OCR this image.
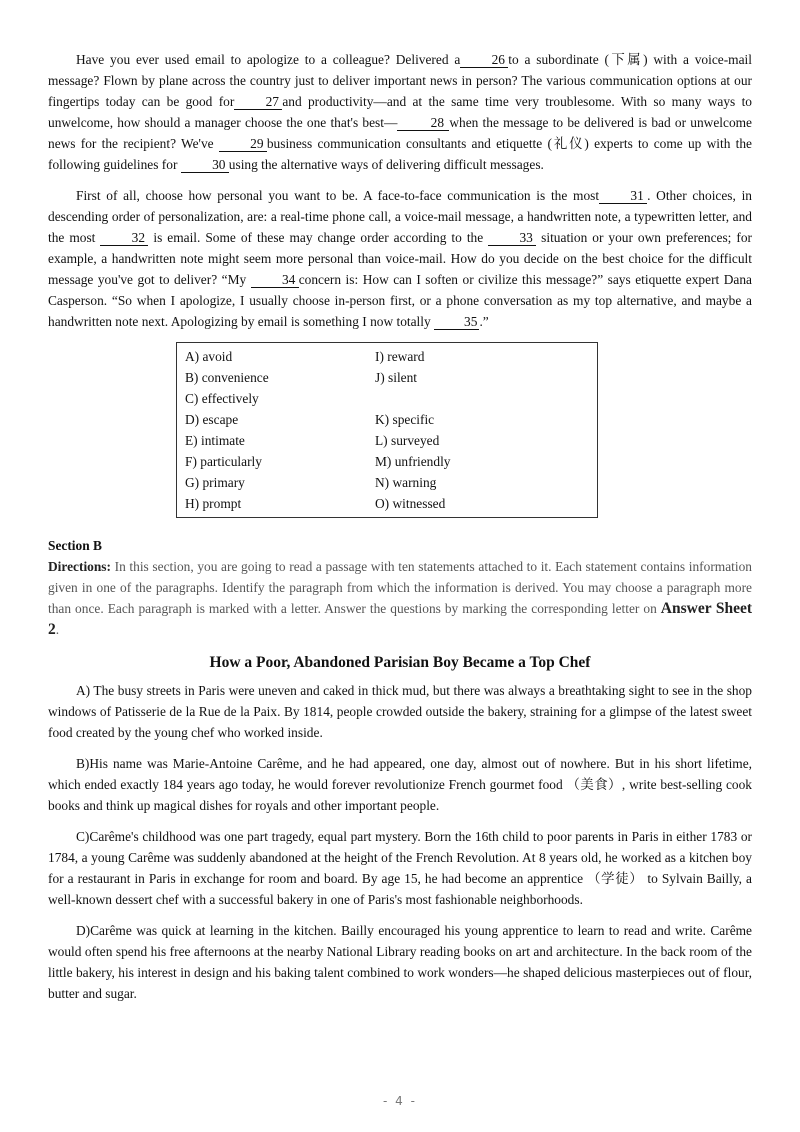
Have you ever used email to apologize to a colleague? Delivered a 26 to a subordinate (下属) with a voice-mail message? Flown by plane across the country just to deliver important news in person? The various communication options at our fingertips today can be good for 27 and productivity—and at the same time very troublesome. With so many ways to unwelcome, how should a manager choose the one that's best— 28 when the message to be delivered is bad or unwelcome news for the recipient? We've 29 business communication consultants and etiquette (礼仪) experts to come up with the following guidelines for 30 using the alternative ways of delivering difficult messages.

First of all, choose how personal you want to be. A face-to-face communication is the most 31 . Other choices, in descending order of personalization, are: a real-time phone call, a voice-mail message, a handwritten note, a typewritten letter, and the most 32 is email. Some of these may change order according to the 33 situation or your own preferences; for example, a handwritten note might seem more personal than voice-mail. How do you decide on the best choice for the difficult message you've got to deliver? “My 34 concern is: How can I soften or civilize this message?” says etiquette expert Dana Casperson. “So when I apologize, I usually choose in-person first, or a phone conversation as my top alternative, and maybe a handwritten note next. Apologizing by email is something I now totally 35 .”

A) avoid	I) reward
B) convenience	J) silent
C) effectively
D) escape	K) specific
E) intimate	L) surveyed
F) particularly	M) unfriendly
G) primary	N) warning
H) prompt	O) witnessed
Section B

Directions: In this section, you are going to read a passage with ten statements attached to it. Each statement contains information given in one of the paragraphs. Identify the paragraph from which the information is derived. You may choose a paragraph more than once. Each paragraph is marked with a letter. Answer the questions by marking the corresponding letter on Answer Sheet 2.

How a Poor, Abandoned Parisian Boy Became a Top Chef

A) The busy streets in Paris were uneven and caked in thick mud, but there was always a breathtaking sight to see in the shop windows of Patisserie de la Rue de la Paix. By 1814, people crowded outside the bakery, straining for a glimpse of the latest sweet food created by the young chef who worked inside.

B)His name was Marie-Antoine Carême, and he had appeared, one day, almost out of nowhere. But in his short lifetime, which ended exactly 184 years ago today, he would forever revolutionize French gourmet food （美食）, write best-selling cook books and think up magical dishes for royals and other important people.

C)Carême's childhood was one part tragedy, equal part mystery. Born the 16th child to poor parents in Paris in either 1783 or 1784, a young Carême was suddenly abandoned at the height of the French Revolution. At 8 years old, he worked as a kitchen boy for a restaurant in Paris in exchange for room and board. By age 15, he had become an apprentice （学徒） to Sylvain Bailly, a well-known dessert chef with a successful bakery in one of Paris's most fashionable neighborhoods.

D)Carême was quick at learning in the kitchen. Bailly encouraged his young apprentice to learn to read and write. Carême would often spend his free afternoons at the nearby National Library reading books on art and architecture. In the back room of the little bakery, his interest in design and his baking talent combined to work wonders—he shaped delicious masterpieces out of flour, butter and sugar.

- 4 -
